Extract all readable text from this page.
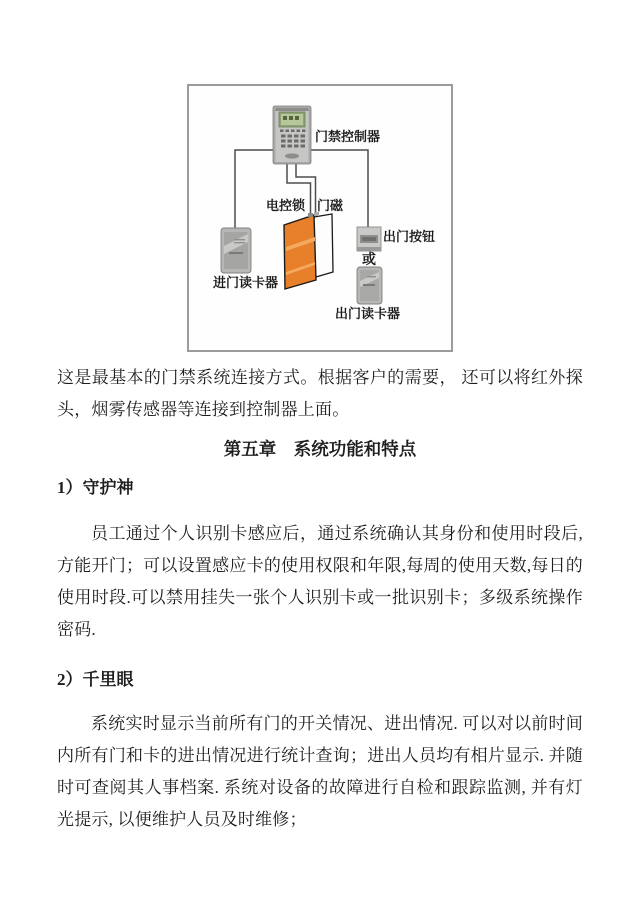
门禁控制器
电控锁 门磁
进门读卡器
出门按钮
或
出门读卡器

这是最基本的门禁系统连接方式。根据客户的需要， 还可以将红外探头，烟雾传感器等连接到控制器上面。

第五章　系统功能和特点
1）守护神

员工通过个人识别卡感应后，通过系统确认其身份和使用时段后,方能开门；可以设置感应卡的使用权限和年限,每周的使用天数,每日的使用时段.可以禁用挂失一张个人识别卡或一批识别卡；多级系统操作密码.

2）千里眼

系统实时显示当前所有门的开关情况、进出情况. 可以对以前时间内所有门和卡的进出情况进行统计查询；进出人员均有相片显示. 并随时可查阅其人事档案. 系统对设备的故障进行自检和跟踪监测, 并有灯光提示, 以便维护人员及时维修；
